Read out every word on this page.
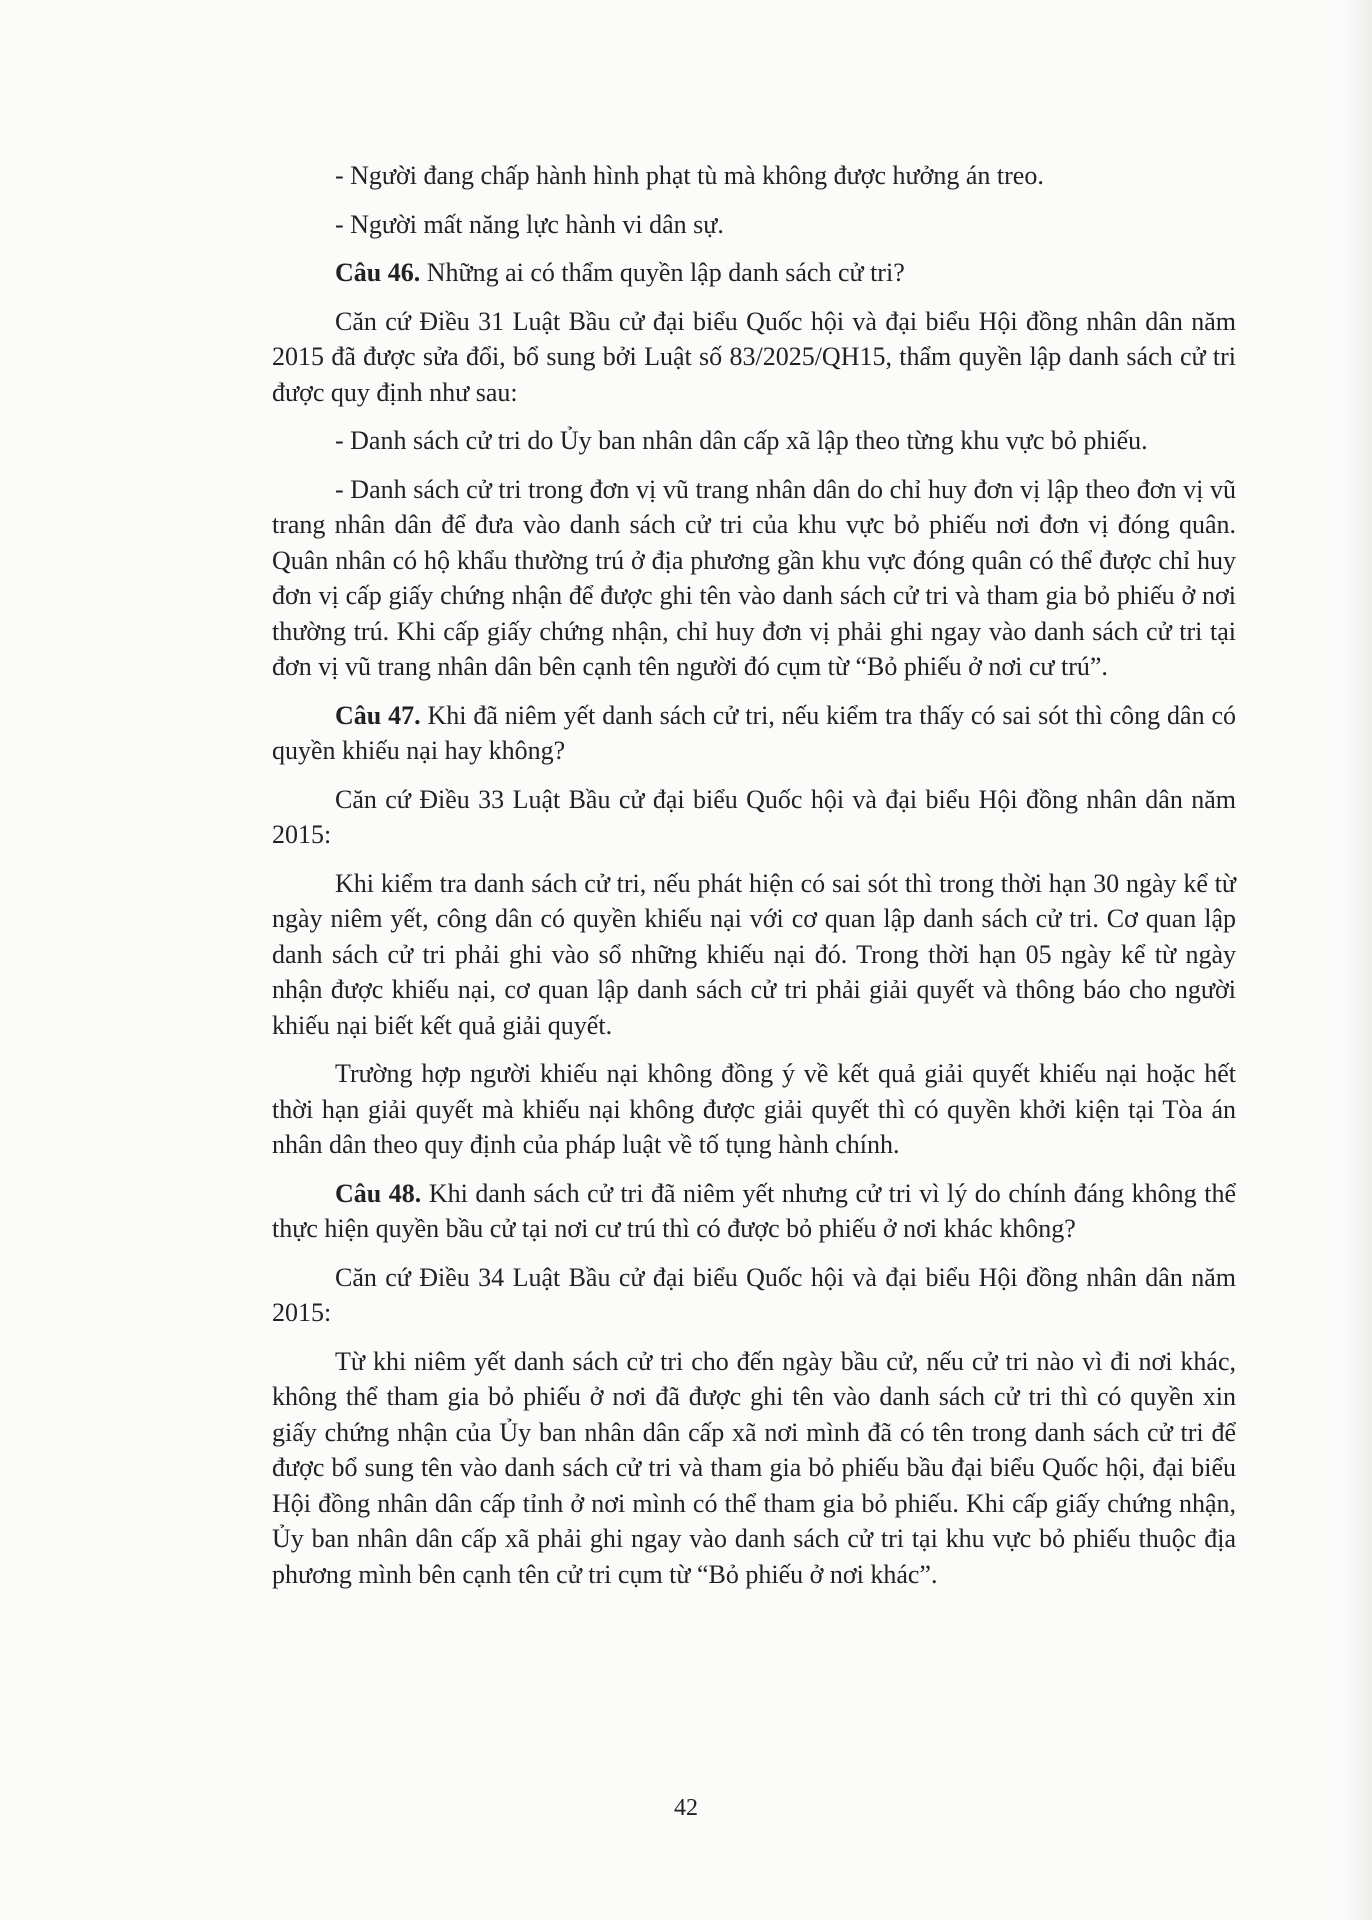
- Người đang chấp hành hình phạt tù mà không được hưởng án treo.

- Người mất năng lực hành vi dân sự.

Câu 46. Những ai có thẩm quyền lập danh sách cử tri?

Căn cứ Điều 31 Luật Bầu cử đại biểu Quốc hội và đại biểu Hội đồng nhân dân năm 2015 đã được sửa đổi, bổ sung bởi Luật số 83/2025/QH15, thẩm quyền lập danh sách cử tri được quy định như sau:

- Danh sách cử tri do Ủy ban nhân dân cấp xã lập theo từng khu vực bỏ phiếu.

- Danh sách cử tri trong đơn vị vũ trang nhân dân do chỉ huy đơn vị lập theo đơn vị vũ trang nhân dân để đưa vào danh sách cử tri của khu vực bỏ phiếu nơi đơn vị đóng quân. Quân nhân có hộ khẩu thường trú ở địa phương gần khu vực đóng quân có thể được chỉ huy đơn vị cấp giấy chứng nhận để được ghi tên vào danh sách cử tri và tham gia bỏ phiếu ở nơi thường trú. Khi cấp giấy chứng nhận, chỉ huy đơn vị phải ghi ngay vào danh sách cử tri tại đơn vị vũ trang nhân dân bên cạnh tên người đó cụm từ “Bỏ phiếu ở nơi cư trú”.

Câu 47. Khi đã niêm yết danh sách cử tri, nếu kiểm tra thấy có sai sót thì công dân có quyền khiếu nại hay không?

Căn cứ Điều 33 Luật Bầu cử đại biểu Quốc hội và đại biểu Hội đồng nhân dân năm 2015:

Khi kiểm tra danh sách cử tri, nếu phát hiện có sai sót thì trong thời hạn 30 ngày kể từ ngày niêm yết, công dân có quyền khiếu nại với cơ quan lập danh sách cử tri. Cơ quan lập danh sách cử tri phải ghi vào sổ những khiếu nại đó. Trong thời hạn 05 ngày kể từ ngày nhận được khiếu nại, cơ quan lập danh sách cử tri phải giải quyết và thông báo cho người khiếu nại biết kết quả giải quyết.

Trường hợp người khiếu nại không đồng ý về kết quả giải quyết khiếu nại hoặc hết thời hạn giải quyết mà khiếu nại không được giải quyết thì có quyền khởi kiện tại Tòa án nhân dân theo quy định của pháp luật về tố tụng hành chính.

Câu 48. Khi danh sách cử tri đã niêm yết nhưng cử tri vì lý do chính đáng không thể thực hiện quyền bầu cử tại nơi cư trú thì có được bỏ phiếu ở nơi khác không?

Căn cứ Điều 34 Luật Bầu cử đại biểu Quốc hội và đại biểu Hội đồng nhân dân năm 2015:

Từ khi niêm yết danh sách cử tri cho đến ngày bầu cử, nếu cử tri nào vì đi nơi khác, không thể tham gia bỏ phiếu ở nơi đã được ghi tên vào danh sách cử tri thì có quyền xin giấy chứng nhận của Ủy ban nhân dân cấp xã nơi mình đã có tên trong danh sách cử tri để được bổ sung tên vào danh sách cử tri và tham gia bỏ phiếu bầu đại biểu Quốc hội, đại biểu Hội đồng nhân dân cấp tỉnh ở nơi mình có thể tham gia bỏ phiếu. Khi cấp giấy chứng nhận, Ủy ban nhân dân cấp xã phải ghi ngay vào danh sách cử tri tại khu vực bỏ phiếu thuộc địa phương mình bên cạnh tên cử tri cụm từ “Bỏ phiếu ở nơi khác”.

42
